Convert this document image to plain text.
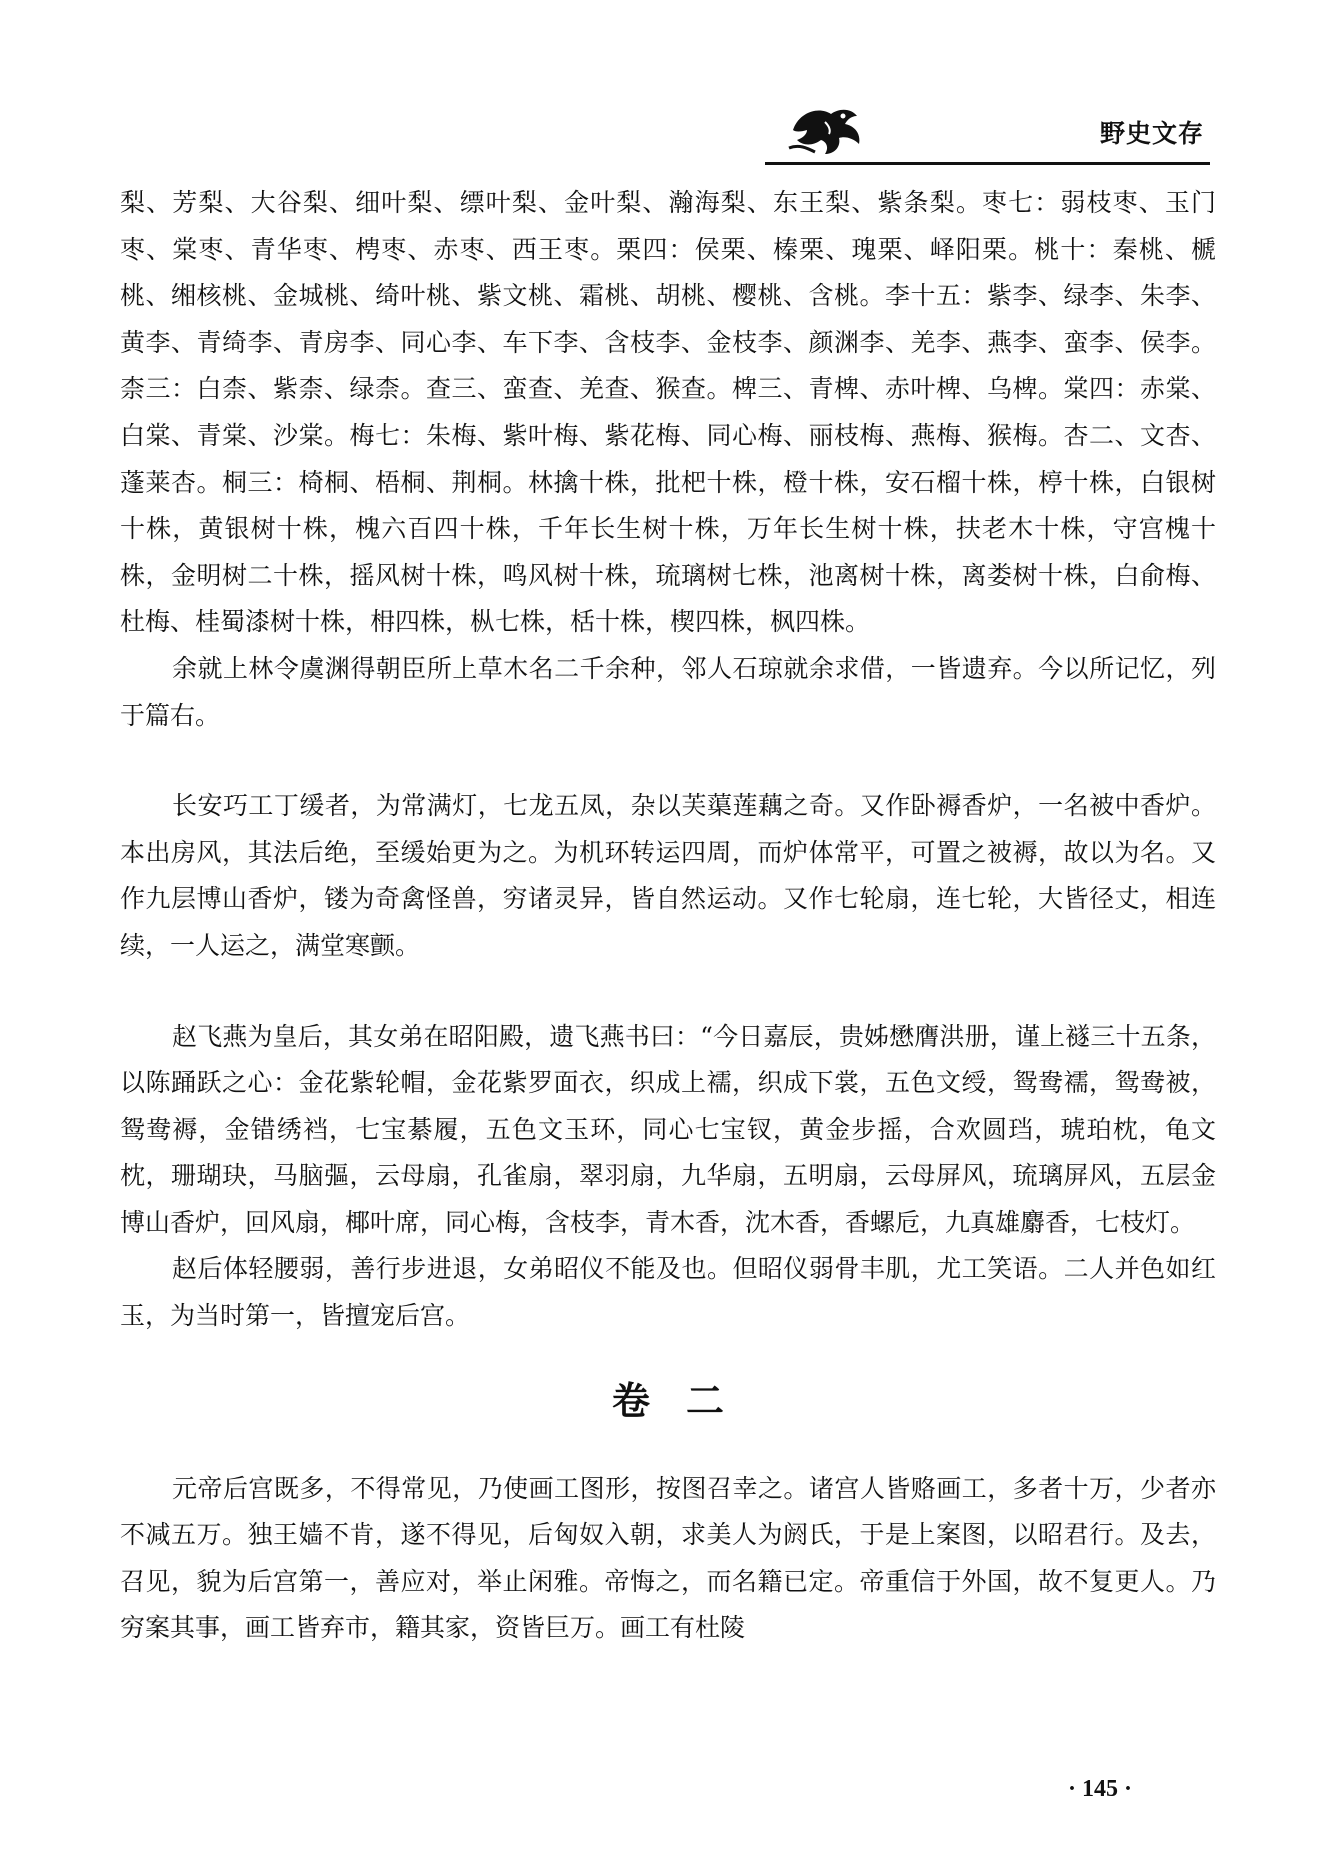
野史文存

梨、芳梨、大谷梨、细叶梨、缥叶梨、金叶梨、瀚海梨、东王梨、紫条梨。枣七：弱枝枣、玉门枣、棠枣、青华枣、梬枣、赤枣、西王枣。栗四：侯栗、榛栗、瑰栗、峄阳栗。桃十：秦桃、榹桃、缃核桃、金城桃、绮叶桃、紫文桃、霜桃、胡桃、樱桃、含桃。李十五：紫李、绿李、朱李、黄李、青绮李、青房李、同心李、车下李、含枝李、金枝李、颜渊李、羌李、燕李、蛮李、侯李。柰三：白柰、紫柰、绿柰。查三、蛮查、羌查、猴查。椑三、青椑、赤叶椑、乌椑。棠四：赤棠、白棠、青棠、沙棠。梅七：朱梅、紫叶梅、紫花梅、同心梅、丽枝梅、燕梅、猴梅。杏二、文杏、蓬莱杏。桐三：椅桐、梧桐、荆桐。林擒十株，批杷十株，橙十株，安石榴十株，楟十株，白银树十株，黄银树十株，槐六百四十株，千年长生树十株，万年长生树十株，扶老木十株，守宫槐十株，金明树二十株，摇风树十株，鸣风树十株，琉璃树七株，池离树十株，离娄树十株，白俞梅、杜梅、桂蜀漆树十株，枏四株，枞七株，栝十株，楔四株，枫四株。

余就上林令虞渊得朝臣所上草木名二千余种，邻人石琼就余求借，一皆遗弃。今以所记忆，列于篇右。

长安巧工丁缓者，为常满灯，七龙五凤，杂以芙蕖莲藕之奇。又作卧褥香炉，一名被中香炉。本出房风，其法后绝，至缓始更为之。为机环转运四周，而炉体常平，可置之被褥，故以为名。又作九层博山香炉，镂为奇禽怪兽，穷诸灵异，皆自然运动。又作七轮扇，连七轮，大皆径丈，相连续，一人运之，满堂寒颤。

赵飞燕为皇后，其女弟在昭阳殿，遗飞燕书曰：“今日嘉辰，贵姊懋膺洪册，谨上襚三十五条，以陈踊跃之心：金花紫轮帽，金花紫罗面衣，织成上襦，织成下裳，五色文绶，鸳鸯襦，鸳鸯被，鸳鸯褥，金错绣裆，七宝綦履，五色文玉环，同心七宝钗，黄金步摇，合欢圆珰，琥珀枕，龟文枕，珊瑚玦，马脑彄，云母扇，孔雀扇，翠羽扇，九华扇，五明扇，云母屏风，琉璃屏风，五层金博山香炉，回风扇，椰叶席，同心梅，含枝李，青木香，沈木香，香螺卮，九真雄麝香，七枝灯。

赵后体轻腰弱，善行步进退，女弟昭仪不能及也。但昭仪弱骨丰肌，尤工笑语。二人并色如红玉，为当时第一，皆擅宠后宫。

卷二

元帝后宫既多，不得常见，乃使画工图形，按图召幸之。诸宫人皆赂画工，多者十万，少者亦不减五万。独王嫱不肯，遂不得见，后匈奴入朝，求美人为阏氏，于是上案图，以昭君行。及去，召见，貌为后宫第一，善应对，举止闲雅。帝悔之，而名籍已定。帝重信于外国，故不复更人。乃穷案其事，画工皆弃市，籍其家，资皆巨万。画工有杜陵

· 145 ·
